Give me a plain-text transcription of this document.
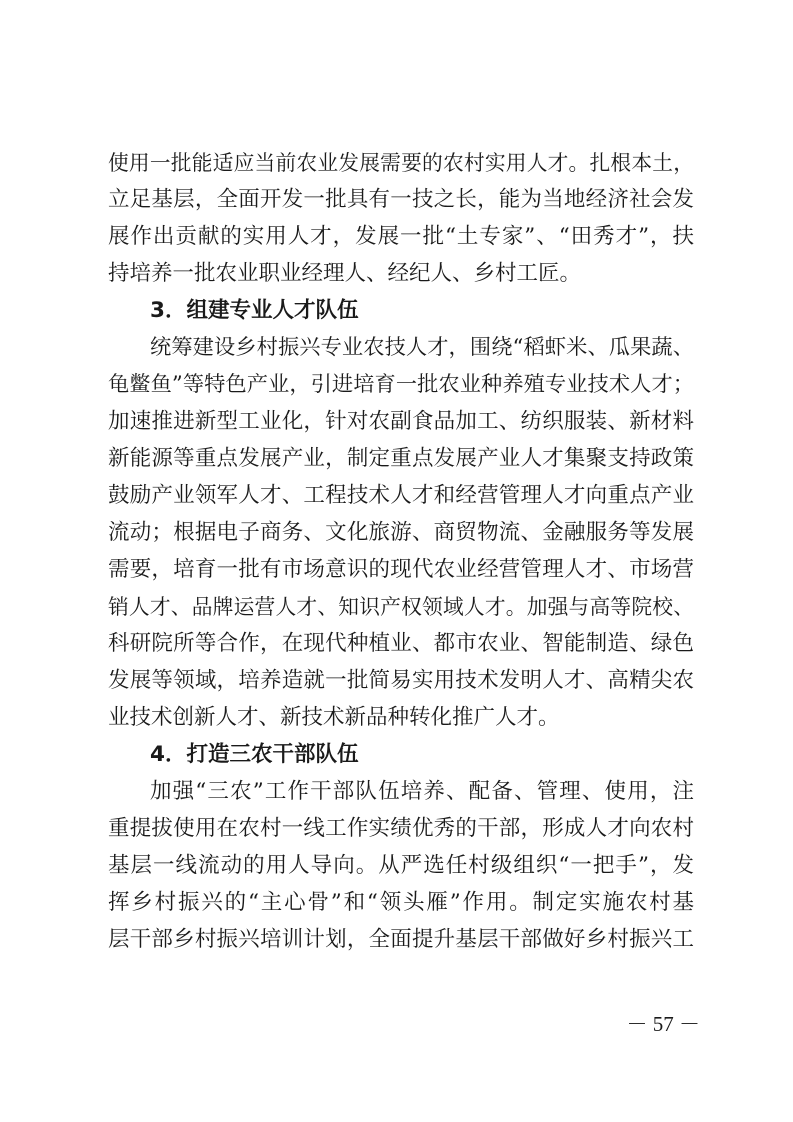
使用一批能适应当前农业发展需要的农村实用人才。扎根本土，
立足基层，全面开发一批具有一技之长，能为当地经济社会发
展作出贡献的实用人才，发展一批“土专家”、“田秀才”，扶
持培养一批农业职业经理人、经纪人、乡村工匠。
3．组建专业人才队伍
统筹建设乡村振兴专业农技人才，围绕“稻虾米、瓜果蔬、
龟鳖鱼”等特色产业，引进培育一批农业种养殖专业技术人才；
加速推进新型工业化，针对农副食品加工、纺织服装、新材料
新能源等重点发展产业，制定重点发展产业人才集聚支持政策
鼓励产业领军人才、工程技术人才和经营管理人才向重点产业
流动；根据电子商务、文化旅游、商贸物流、金融服务等发展
需要，培育一批有市场意识的现代农业经营管理人才、市场营
销人才、品牌运营人才、知识产权领域人才。加强与高等院校、
科研院所等合作，在现代种植业、都市农业、智能制造、绿色
发展等领域，培养造就一批简易实用技术发明人才、高精尖农
业技术创新人才、新技术新品种转化推广人才。
4．打造三农干部队伍
加强“三农”工作干部队伍培养、配备、管理、使用，注
重提拔使用在农村一线工作实绩优秀的干部，形成人才向农村
基层一线流动的用人导向。从严选任村级组织“一把手”，发
挥乡村振兴的“主心骨”和“领头雁”作用。制定实施农村基
层干部乡村振兴培训计划，全面提升基层干部做好乡村振兴工
－ 57 －
